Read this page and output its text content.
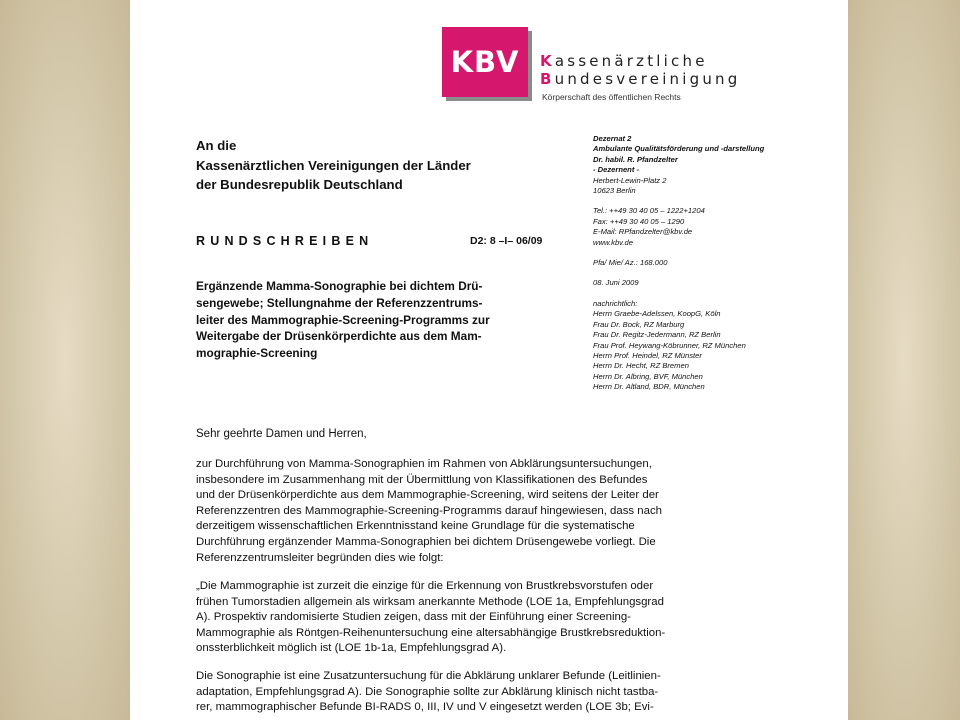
KBV Kassenärztliche
Bundesvereinigung
Körperschaft des öffentlichen Rechts
An die
Kassenärztlichen Vereinigungen der Länder
der Bundesrepublik Deutschland
RUNDSCHREIBEN	D2: 8 –I– 06/09
Ergänzende Mamma-Sonographie bei dichtem Drü-
sengewebe; Stellungnahme der Referenzzentrums-
leiter des Mammographie-Screening-Programms zur
Weitergabe der Drüsenkörperdichte aus dem Mam-
mographie-Screening
Dezernat 2
Ambulante Qualitätsförderung und -darstellung
Dr. habil. R. Pfandzelter
- Dezernent -
Herbert-Lewin-Platz 2
10623 Berlin
Tel.: ++49 30 40 05 – 1222+1204
Fax: ++49 30 40 05 – 1290
E-Mail: RPfandzelter@kbv.de
www.kbv.de
Pfa/ Mie/ Az.: 168.000
08. Juni 2009
nachrichtlich:
Herrn Graebe-Adelssen, KoopG, Köln
Frau Dr. Bock, RZ Marburg
Frau Dr. Regitz-Jedermann, RZ Berlin
Frau Prof. Heywang-Köbrunner, RZ München
Herrn Prof. Heindel, RZ Münster
Herrn Dr. Hecht, RZ Bremen
Herrn Dr. Albring, BVF, München
Herrn Dr. Altland, BDR, München
Sehr geehrte Damen und Herren,
zur Durchführung von Mamma-Sonographien im Rahmen von Abklärungsuntersuchungen,
insbesondere im Zusammenhang mit der Übermittlung von Klassifikationen des Befundes
und der Drüsenkörperdichte aus dem Mammographie-Screening, wird seitens der Leiter der
Referenzzentren des Mammographie-Screening-Programms darauf hingewiesen, dass nach
derzeitigem wissenschaftlichen Erkenntnisstand keine Grundlage für die systematische
Durchführung ergänzender Mamma-Sonographien bei dichtem Drüsengewebe vorliegt. Die
Referenzzentrumsleiter begründen dies wie folgt:
„Die Mammographie ist zurzeit die einzige für die Erkennung von Brustkrebsvorstufen oder
frühen Tumorstadien allgemein als wirksam anerkannte Methode (LOE 1a, Empfehlungsgrad
A). Prospektiv randomisierte Studien zeigen, dass mit der Einführung einer Screening-
Mammographie als Röntgen-Reihenuntersuchung eine altersabhängige Brustkrebsreduktion-
onssterblichkeit möglich ist (LOE 1b-1a, Empfehlungsgrad A).
Die Sonographie ist eine Zusatzuntersuchung für die Abklärung unklarer Befunde (Leitlinien-
adaptation, Empfehlungsgrad A). Die Sonographie sollte zur Abklärung klinisch nicht tastba-
rer, mammographischer Befunde BI-RADS 0, III, IV und V eingesetzt werden (LOE 3b; Evi-
